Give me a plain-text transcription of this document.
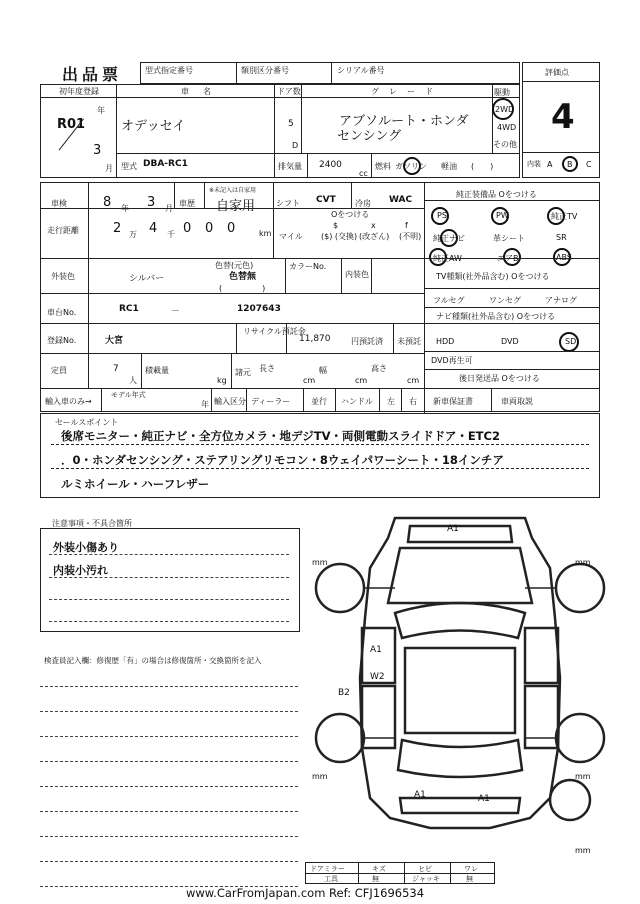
出品票	型式指定番号	類別区分番号	シリアル番号	評価点
4
初年度登録
R01
年
3
月
車名
オデッセイ
ドア数
5
D
グレード
アブソルート・ホンダ
センシング
駆動
2WD
4WD
その他
型式 DBA-RC1	排気量 2400
cc
燃料 ガソリン 軽油 (　　)	内装 A B C
車検	8 年 3 月
車歴
※未記入は自家用
自家用	シフト CVT 冷房 WAC
純正装備品 Oをつける
PS	PW	純正TV
純正ナビ	革シート	SR
純正AW	エアB	ABS
走行距離	2 万 4 千 0 0 0	km
Oをつける
マイル
$
($) (交換)
x
(改ざん)
f
(不明)
外装色	シルバー
色替(元色)
色替無
(　　　　　)
カラーNo.
内装色	TV種類(社外品含む) Oをつける
フルセグ	ワンセグ	アナログ
車台No.	RC1	－	1207643
ナビ種類(社外品含む) Oをつける
登録No.	大宮
リサイクル預託金
11,870	円預託済 未預託 HDD	DVD	SD
DVD再生可
定員	7
人
積載量
kg
諸元 長さ
cm
幅
cm
高さ
cm	後日発送品 Oをつける
輸入車のみ→
モデル年式
年 輸入区分 ディーラー	並行 ハンドル 左 右 新車保証書	車両取説
セールスポイント
後席モニター・純正ナビ・全方位カメラ・地デジTV・両側電動スライドドア・ETC2
．0・ホンダセンシング・ステアリングリモコン・8ウェイパワーシート・18インチア
ルミホイール・ハーフレザー
注意事項・不具合箇所
外装小傷あり
内装小汚れ
検査員記入欄：修復歴「有」の場合は修復箇所・交換箇所を記入
A1
A1
W2
B2
A1	A1
mm	mm
mm	mm
mm
ドアミラー	キズ	ヒビ	ワレ
工具	無	ジャッキ	無
www.CarFromJapan.com Ref: CFJ1696534
